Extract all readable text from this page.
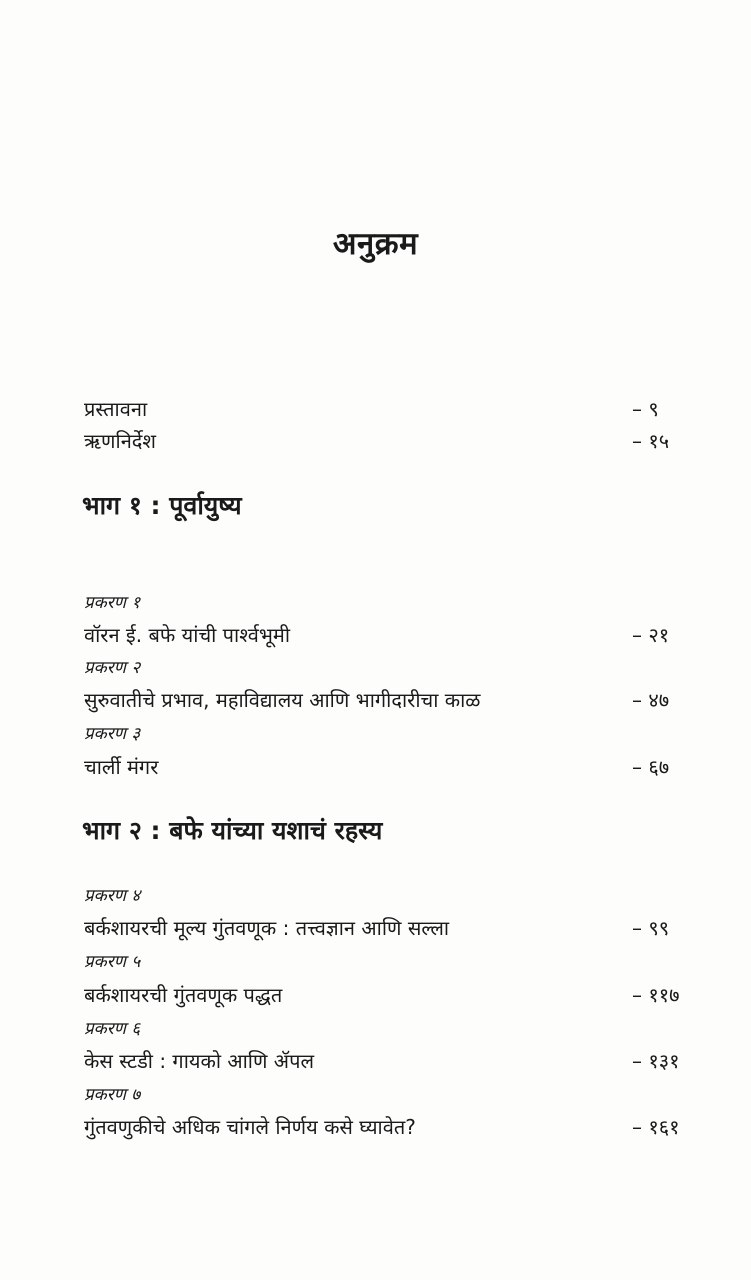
अनुक्रम
प्रस्तावना	– ९
ऋणनिर्देश	– १५
भाग १ : पूर्वायुष्य
प्रकरण १
वॉरन ई. बफे यांची पार्श्वभूमी	– २१
प्रकरण २
सुरुवातीचे प्रभाव, महाविद्यालय आणि भागीदारीचा काळ	– ४७
प्रकरण ३
चार्ली मंगर	– ६७
भाग २ : बफे यांच्या यशाचं रहस्य
प्रकरण ४
बर्कशायरची मूल्य गुंतवणूक : तत्त्वज्ञान आणि सल्ला	– ९९
प्रकरण ५
बर्कशायरची गुंतवणूक पद्धत	– ११७
प्रकरण ६
केस स्टडी : गायको आणि ॲपल	– १३१
प्रकरण ७
गुंतवणुकीचे अधिक चांगले निर्णय कसे घ्यावेत?	– १६१
